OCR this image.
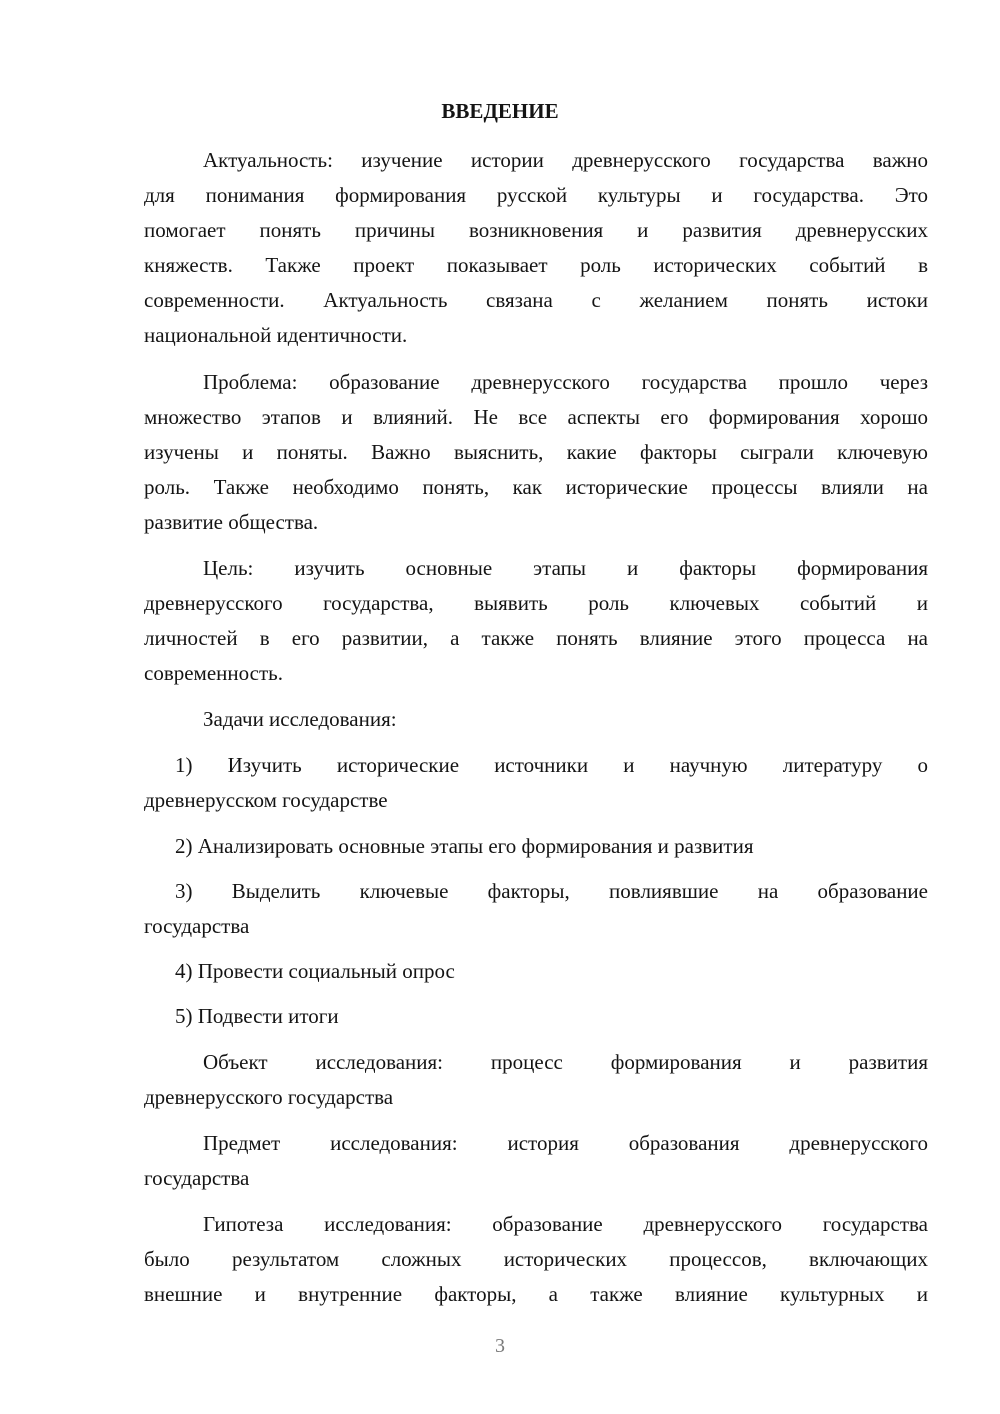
ВВЕДЕНИЕ
Актуальность: изучение истории древнерусского государства важно
для понимания формирования русской культуры и государства. Это
помогает понять причины возникновения и развития древнерусских
княжеств. Также проект показывает роль исторических событий в
современности. Актуальность связана с желанием понять истоки
национальной идентичности.
Проблема: образование древнерусского государства прошло через
множество этапов и влияний. Не все аспекты его формирования хорошо
изучены и поняты. Важно выяснить, какие факторы сыграли ключевую
роль. Также необходимо понять, как исторические процессы влияли на
развитие общества.
Цель: изучить основные этапы и факторы формирования
древнерусского государства, выявить роль ключевых событий и
личностей в его развитии, а также понять влияние этого процесса на
современность.
Задачи исследования:
1) Изучить исторические источники и научную литературу о
древнерусском государстве
2) Анализировать основные этапы его формирования и развития
3) Выделить ключевые факторы, повлиявшие на образование
государства
4) Провести социальный опрос
5) Подвести итоги
Объект исследования: процесс формирования и развития
древнерусского государства
Предмет исследования: история образования древнерусского
государства
Гипотеза исследования: образование древнерусского государства
было результатом сложных исторических процессов, включающих
внешние и внутренние факторы, а также влияние культурных и
3
